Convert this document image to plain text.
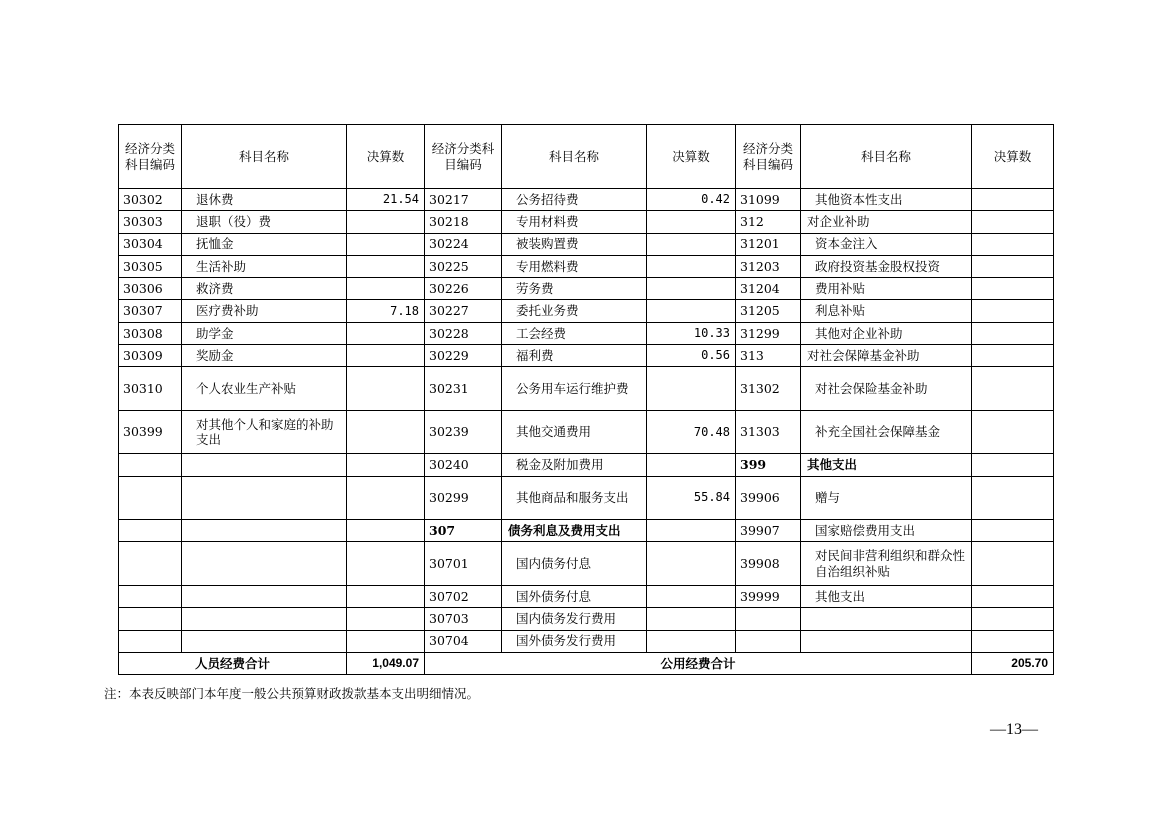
经济分类科目编码	科目名称	决算数	经济分类科目编码	科目名称	决算数	经济分类科目编码	科目名称	决算数
30302	退休费	21.54	30217	公务招待费	0.42	31099	其他资本性支出	
30303	退职（役）费		30218	专用材料费		312	对企业补助	
30304	抚恤金		30224	被装购置费		31201	资本金注入	
30305	生活补助		30225	专用燃料费		31203	政府投资基金股权投资	
30306	救济费		30226	劳务费		31204	费用补贴	
30307	医疗费补助	7.18	30227	委托业务费		31205	利息补贴	
30308	助学金		30228	工会经费	10.33	31299	其他对企业补助	
30309	奖励金		30229	福利费	0.56	313	对社会保障基金补助	
30310	个人农业生产补贴		30231	公务用车运行维护费		31302	对社会保险基金补助	
30399	对其他个人和家庭的补助支出		30239	其他交通费用	70.48	31303	补充全国社会保障基金	
			30240	税金及附加费用		399	其他支出	
			30299	其他商品和服务支出	55.84	39906	赠与	
			307	债务利息及费用支出		39907	国家赔偿费用支出	
			30701	国内债务付息		39908	对民间非营利组织和群众性自治组织补贴	
			30702	国外债务付息		39999	其他支出	
			30703	国内债务发行费用				
			30704	国外债务发行费用				
人员经费合计		1,049.07	公用经费合计					205.70
注：本表反映部门本年度一般公共预算财政拨款基本支出明细情况。
—13—
